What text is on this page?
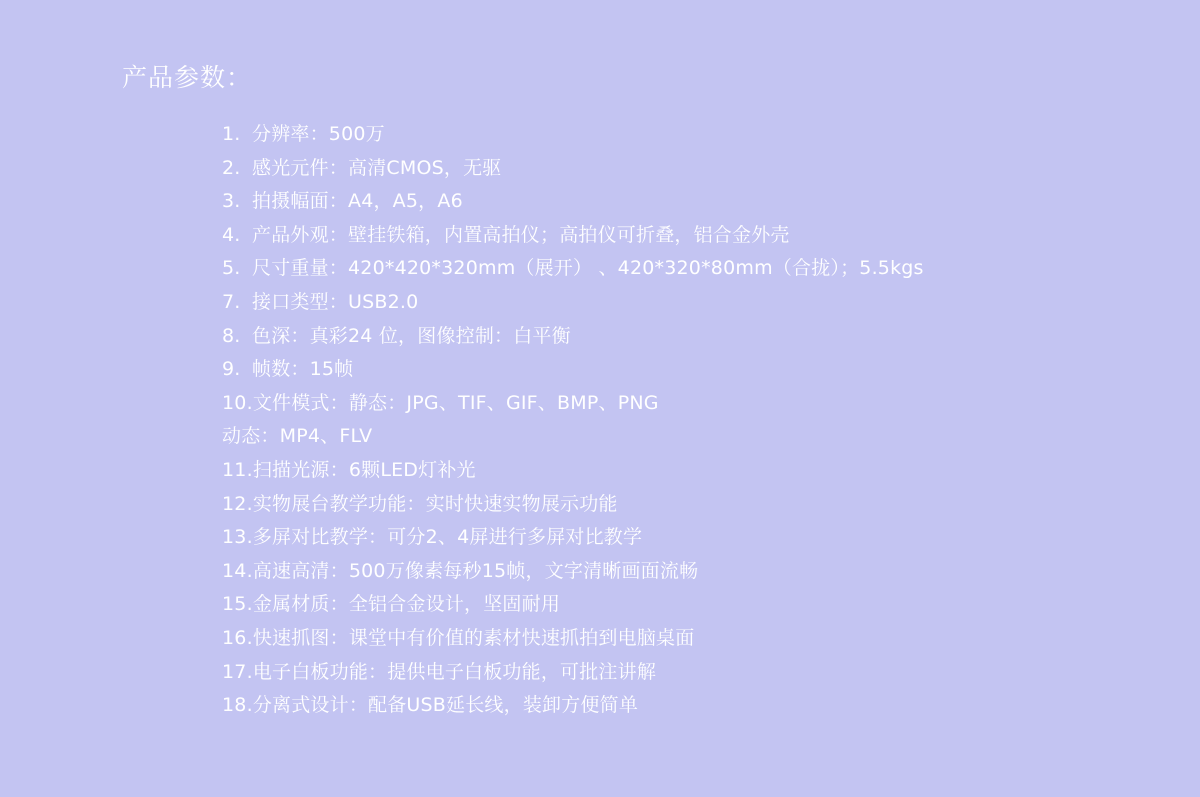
产品参数：
1. 分辨率：500万
2. 感光元件：高清CMOS，无驱
3. 拍摄幅面：A4，A5，A6
4. 产品外观：壁挂铁箱，内置高拍仪；高拍仪可折叠，铝合金外壳
5. 尺寸重量：420*420*320mm（展开） 、420*320*80mm（合拢）；5.5kgs
7. 接口类型：USB2.0
8. 色深：真彩24 位，图像控制：白平衡
9. 帧数：15帧
10. 文件模式：静态：JPG、TIF、GIF、BMP、PNG
动态：MP4、FLV
11. 扫描光源：6颗LED灯补光
12. 实物展台教学功能：实时快速实物展示功能
13. 多屏对比教学：可分2、4屏进行多屏对比教学
14. 高速高清：500万像素每秒15帧，文字清晰画面流畅
15. 金属材质：全铝合金设计，坚固耐用
16. 快速抓图：课堂中有价值的素材快速抓拍到电脑桌面
17. 电子白板功能：提供电子白板功能，可批注讲解
18. 分离式设计：配备USB延长线，装卸方便简单
